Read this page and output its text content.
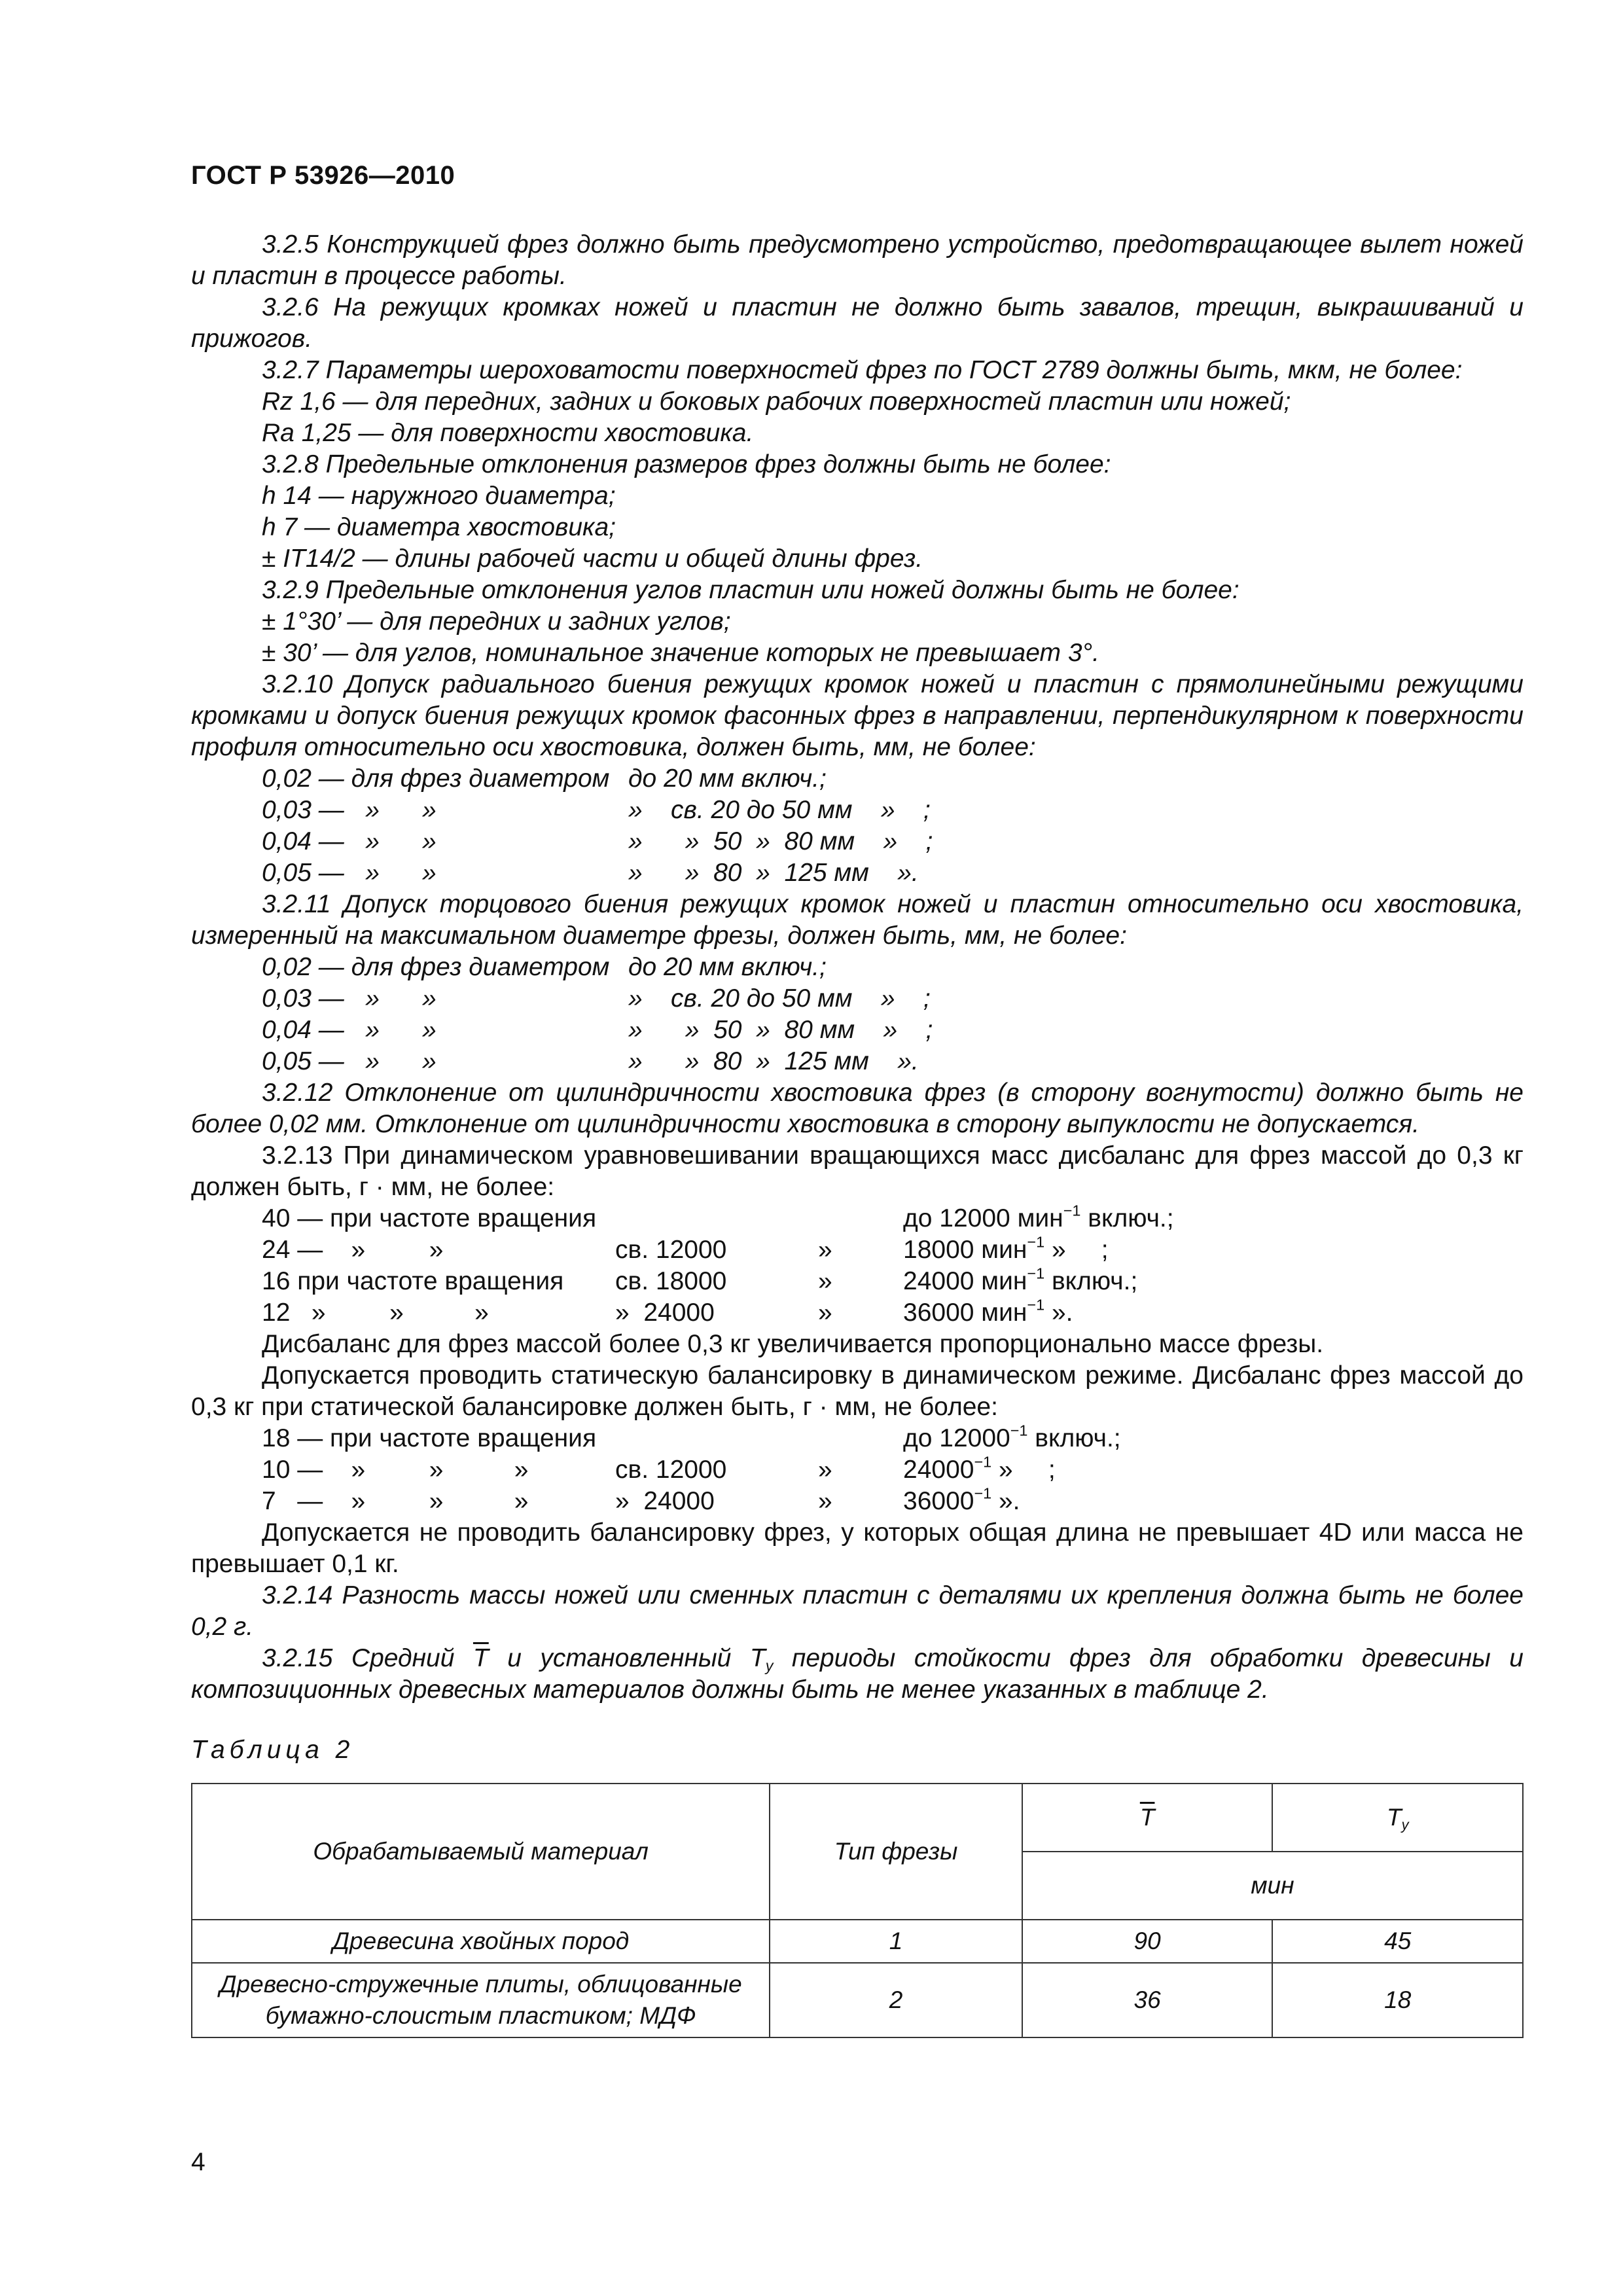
ГОСТ Р 53926—2010

3.2.5 Конструкцией фрез должно быть предусмотрено устройство, предотвращающее вылет ножей и пластин в процессе работы.

3.2.6 На режущих кромках ножей и пластин не должно быть завалов, трещин, выкрашиваний и прижогов.

3.2.7 Параметры шероховатости поверхностей фрез по ГОСТ 2789 должны быть, мкм, не более:

Rz 1,6 — для передних, задних и боковых рабочих поверхностей пластин или ножей;
Ra 1,25 — для поверхности хвостовика.

3.2.8 Предельные отклонения размеров фрез должны быть не более:

h 14 — наружного диаметра;
h 7 — диаметра хвостовика;
± IT14/2 — длины рабочей части и общей длины фрез.

3.2.9 Предельные отклонения углов пластин или ножей должны быть не более:

± 1°30’ — для передних и задних углов;
± 30’ — для углов, номинальное значение которых не превышает 3°.

3.2.10 Допуск радиального биения режущих кромок ножей и пластин с прямолинейными режущими кромками и допуск биения режущих кромок фасонных фрез в направлении, перпендикулярном к поверхности профиля относительно оси хвостовика, должен быть, мм, не более:

0,02 — для фрез диаметром до 20 мм включ.;
0,03 —   »      »	»    св. 20 до 50 мм    »    ;
0,04 —   »      »	»      »  50  »  80 мм    »    ;
0,05 —   »      »	»      »  80  »  125 мм    ».

3.2.11 Допуск торцового биения режущих кромок ножей и пластин относительно оси хвостовика, измеренный на максимальном диаметре фрезы, должен быть, мм, не более:

0,02 — для фрез диаметром до 20 мм включ.;
0,03 —   »      »	»    св. 20 до 50 мм    »    ;
0,04 —   »      »	»      »  50  »  80 мм    »    ;
0,05 —   »      »	»      »  80  »  125 мм    ».

3.2.12 Отклонение от цилиндричности хвостовика фрез (в сторону вогнутости) должно быть не более 0,02 мм. Отклонение от цилиндричности хвостовика в сторону выпуклости не допускается.

3.2.13 При динамическом уравновешивании вращающихся масс дисбаланс для фрез массой до 0,3 кг должен быть, г · мм, не более:

40 — при частоте вращения	до 12000 мин$^{-1}$ включ.;
24 —    »         »	св. 12000	»	18000 мин$^{-1}$ »     ;
16 при частоте вращения св. 18000	»	24000 мин$^{-1}$ включ.;
12   »         »          »	»  24000	»	36000 мин$^{-1}$ ».

Дисбаланс для фрез массой более 0,3 кг увеличивается пропорционально массе фрезы.

Допускается проводить статическую балансировку в динамическом режиме. Дисбаланс фрез массой до 0,3 кг при статической балансировке должен быть, г · мм, не более:

18 — при частоте вращения	до $12000^{-1}$ включ.;
10 —    »         »          »	св. 12000	»	$24000^{-1}$ »     ;
7   —    »         »          »	»  24000	»	$36000^{-1}$ ».

Допускается не проводить балансировку фрез, у которых общая длина не превышает 4D или масса не превышает 0,1 кг.

3.2.14 Разность массы ножей или сменных пластин с деталями их крепления должна быть не более 0,2 г.

3.2.15 Средний $\overline{T}$ и установленный $T_y$ периоды стойкости фрез для обработки древесины и композиционных древесных материалов должны быть не менее указанных в таблице 2.

Таблица 2
Обрабатываемый материал	Тип фрезы	$\overline{T}$	$T_y$
		мин	
Древесина хвойных пород	1	90	45
Древесно-стружечные плиты, облицованные бумажно-слоистым пластиком; МДФ	2	36	18
4
